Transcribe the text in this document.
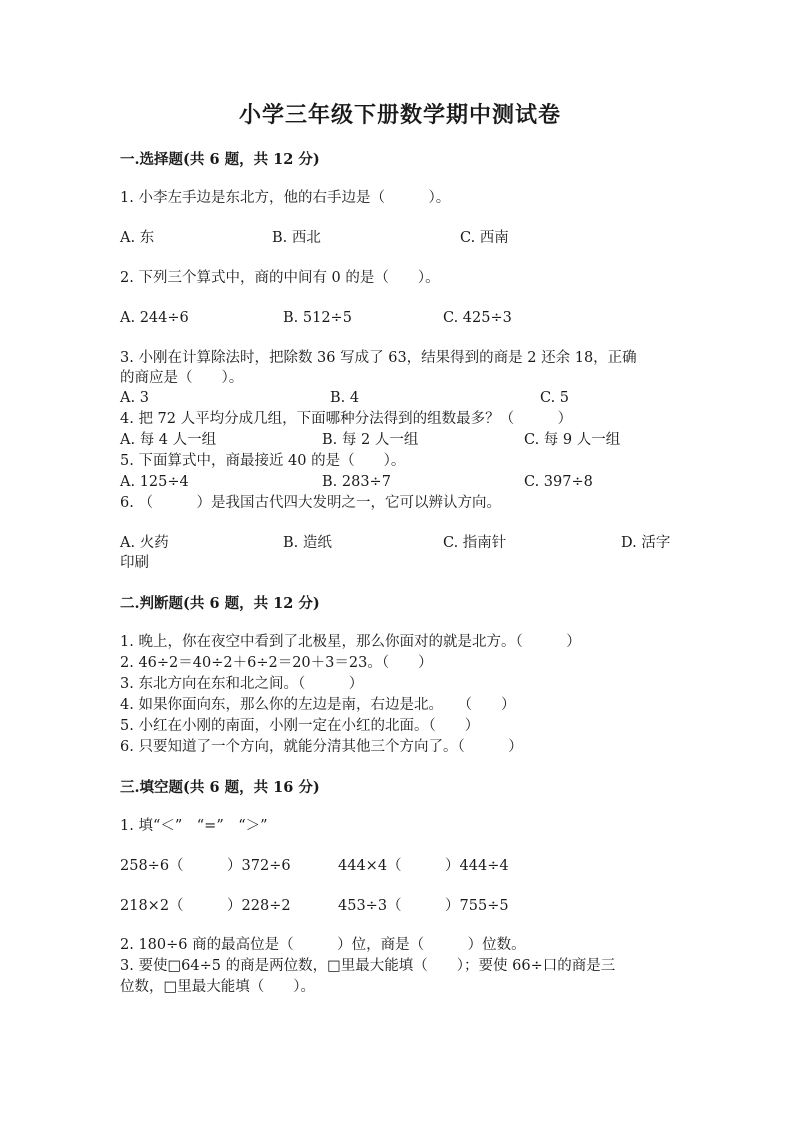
小学三年级下册数学期中测试卷
一.选择题(共 6 题，共 12 分)
1. 小李左手边是东北方，他的右手边是（　　　）。
A. 东	B. 西北	C. 西南
2. 下列三个算式中，商的中间有 0 的是（　　）。
A. 244÷6	B. 512÷5	C. 425÷3
3. 小刚在计算除法时，把除数 36 写成了 63，结果得到的商是 2 还余 18，正确
的商应是（　　）。
A. 3	B. 4	C. 5
4. 把 72 人平均分成几组，下面哪种分法得到的组数最多？（　　　）
A. 每 4 人一组	B. 每 2 人一组	C. 每 9 人一组
5. 下面算式中，商最接近 40 的是（　　）。
A. 125÷4	B. 283÷7	C. 397÷8
6. （　　　）是我国古代四大发明之一，它可以辨认方向。
A. 火药	B. 造纸	C. 指南针	D. 活字
印刷
二.判断题(共 6 题，共 12 分)
1. 晚上，你在夜空中看到了北极星，那么你面对的就是北方。（　　　）
2. 46÷2＝40÷2＋6÷2＝20＋3＝23。（　　）
3. 东北方向在东和北之间。（　　　）
4. 如果你面向东，那么你的左边是南，右边是北。　　（　　）
5. 小红在小刚的南面，小刚一定在小红的北面。（　　）
6. 只要知道了一个方向，就能分清其他三个方向了。（　　　）
三.填空题(共 6 题，共 16 分)
1. 填“＜”　“=”　“＞”
258÷6（　　　）372÷6	444×4（　　　）444÷4
218×2（　　　）228÷2	453÷3（　　　）755÷5
2. 180÷6 商的最高位是（　　　）位，商是（　　　）位数。
3. 要使□64÷5 的商是两位数，□里最大能填（　　）；要使 66÷口的商是三
位数，□里最大能填（　　）。
